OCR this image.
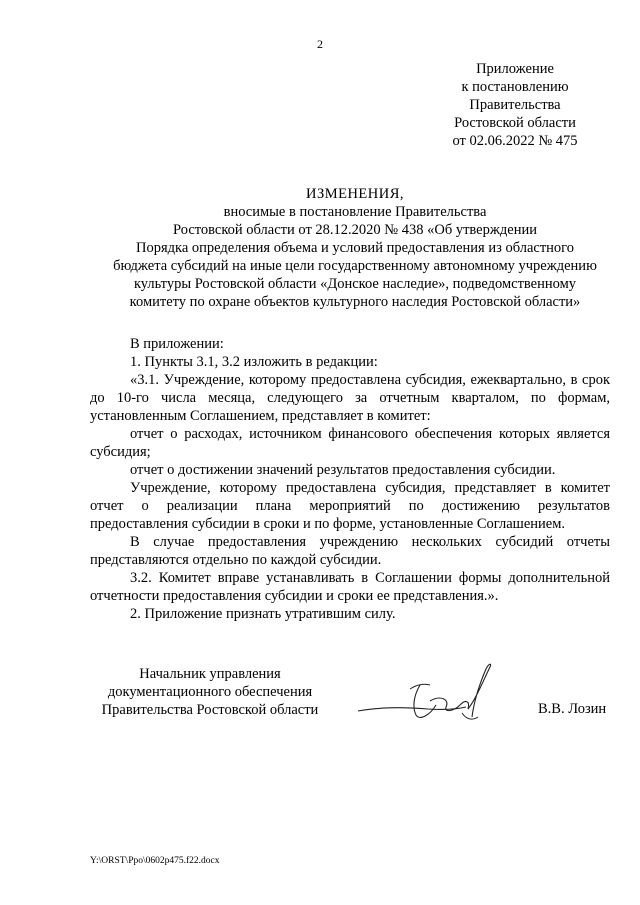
2
Приложение
к постановлению
Правительства
Ростовской области
от 02.06.2022 № 475
ИЗМЕНЕНИЯ,
вносимые в постановление Правительства
Ростовской области от 28.12.2020 № 438 «Об утверждении
Порядка определения объема и условий предоставления из областного
бюджета субсидий на иные цели государственному автономному учреждению
культуры Ростовской области «Донское наследие», подведомственному
комитету по охране объектов культурного наследия Ростовской области»

В приложении:

1. Пункты 3.1, 3.2 изложить в редакции:

«3.1. Учреждение, которому предоставлена субсидия, ежеквартально, в срок до 10-го числа месяца, следующего за отчетным кварталом, по формам, установленным Соглашением, представляет в комитет:

отчет о расходах, источником финансового обеспечения которых является субсидия;

отчет о достижении значений результатов предоставления субсидии.

Учреждение, которому предоставлена субсидия, представляет в комитет отчет о реализации плана мероприятий по достижению результатов предоставления субсидии в сроки и по форме, установленные Соглашением.

В случае предоставления учреждению нескольких субсидий отчеты представляются отдельно по каждой субсидии.

3.2. Комитет вправе устанавливать в Соглашении формы дополнительной отчетности предоставления субсидии и сроки ее представления.».

2. Приложение признать утратившим силу.

Начальник управления
документационного обеспечения
Правительства Ростовской области	В.В. Лозин
Y:\ORST\Ppo\0602p475.f22.docx
